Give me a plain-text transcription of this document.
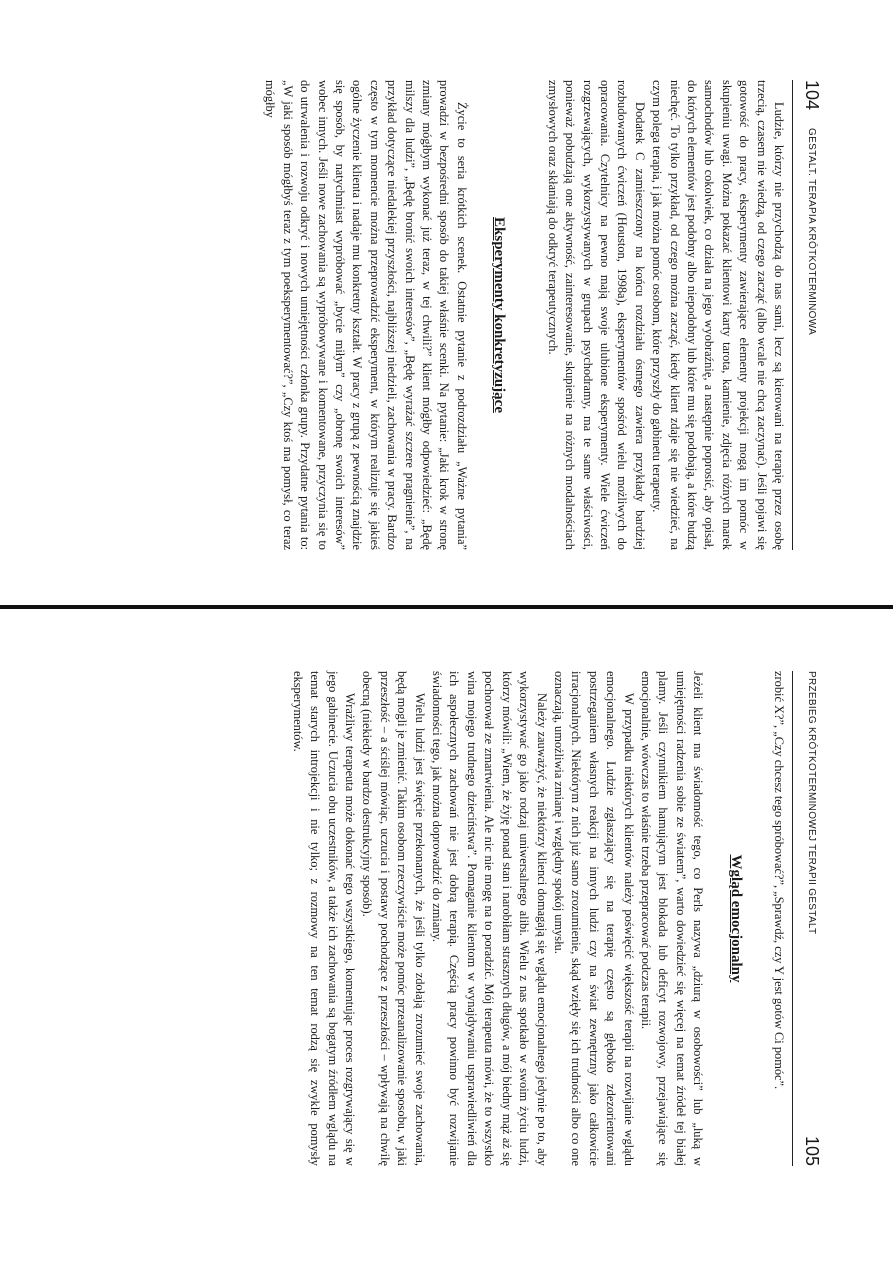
104
GESTALT. TERAPIA KRÓTKOTERMINOWA

Ludzie, którzy nie przychodzą do nas sami, lecz są kierowani na terapię przez osobę trzecią, czasem nie wiedzą, od czego zacząć (albo wcale nie chcą zaczynać). Jeśli pojawi się gotowość do pracy, eksperymenty zawierające elementy projekcji mogą im pomóc w skupieniu uwagi. Można pokazać klientowi karty tarota, kamienie, zdjęcia różnych marek samochodów lub cokolwiek, co działa na jego wyobraźnię, a następnie poprosić, aby opisał, do których elementów jest podobny albo niepodobny lub które mu się podobają, a które budzą niechęć. To tylko przykład, od czego można zacząć, kiedy klient zdaje się nie wiedzieć, na czym polega terapia, i jak można pomóc osobom, które przyszły do gabinetu terapeuty.

Dodatek C zamieszczony na końcu rozdziału ósmego zawiera przykłady bardziej rozbudowanych ćwiczeń (Houston, 1998a), eksperymentów spośród wielu możliwych do opracowania. Czytelnicy na pewno mają swoje ulubione eksperymenty. Wiele ćwiczeń rozgrzewających, wykorzystywanych w grupach psychodramy, ma te same właściwości, ponieważ pobudzają one aktywność, zainteresowanie, skupienie na różnych modalnościach zmysłowych oraz skłaniają do odkryć terapeutycznych.

Eksperymenty konkretyzujące

Życie to seria krótkich scenek. Ostatnie pytanie z podrozdziału „Ważne pytania” prowadzi w bezpośredni sposób do takiej właśnie scenki. Na pytanie: „Jaki krok w stronę zmiany mógłbym wykonać już teraz, w tej chwili?” klient mógłby odpowiedzieć: „Będę milszy dla ludzi”, „Będę bronić swoich interesów”, „Będę wyrażać szczere pragnienie”, na przykład dotyczące niedalekiej przyszłości, najbliższej niedzieli, zachowania w pracy. Bardzo często w tym momencie można przeprowadzić eksperyment, w którym realizuje się jakieś ogólne życzenie klienta i nadaje mu konkretny kształt. W pracy z grupą z pewnością znajdzie się sposób, by natychmiast wypróbować „bycie miłym” czy „obronę swoich interesów” wobec innych. Jeśli nowe zachowania są wypróbowywane i komentowane, przyczynia się to do utrwalenia i rozwoju odkryć i nowych umiejętności członka grupy. Przydatne pytania to: „W jaki sposób mógłbyś teraz z tym poeksperymentować?”, „Czy ktoś ma pomysł, co teraz mógłby

PRZEBIEG KRÓTKOTERMINOWEJ TERAPII GESTALT
105

zrobić X?”, „Czy chcesz tego spróbować?”, „Sprawdź, czy Y jest gotów Ci pomóc”.

Wgląd emocjonalny

Jeżeli klient ma świadomość tego, co Perls nazywa „dziurą w osobowości” lub „luką w umiejętności radzenia sobie ze światem”, warto dowiedzieć się więcej na temat źródeł tej białej plamy. Jeśli czynnikiem hamującym jest blokada lub deficyt rozwojowy, przejawiające się emocjonalnie, wówczas to właśnie trzeba przepracować podczas terapii.

W przypadku niektórych klientów należy poświęcić większość terapii na rozwijanie wglądu emocjonalnego. Ludzie zgłaszający się na terapię często są głęboko zdezorientowani postrzeganiem własnych reakcji na innych ludzi czy na świat zewnętrzny jako całkowicie irracjonalnych. Niektórym z nich już samo zrozumienie, skąd wzięły się ich trudności albo co one oznaczają, umożliwia zmianę i względny spokój umysłu.

Należy zauważyć, że niektórzy klienci domagają się wglądu emocjonalnego jedynie po to, aby wykorzystywać go jako rodzaj uniwersalnego alibi. Wielu z nas spotkało w swoim życiu ludzi, którzy mówili: „Wiem, że żyję ponad stan i narobiłam strasznych długów, a mój biedny mąż aż się pochorował ze zmartwienia. Ale nic nie mogę na to poradzić. Mój terapeuta mówi, że to wszystko wina mojego trudnego dzieciństwa”. Pomaganie klientom w wynajdywaniu usprawiedliwień dla ich aspołecznych zachowań nie jest dobrą terapią. Częścią pracy powinno być rozwijanie świadomości tego, jak można doprowadzić do zmiany.

Wielu ludzi jest święcie przekonanych, że jeśli tylko zdołają zrozumieć swoje zachowania, będą mogli je zmienić. Takim osobom rzeczywiście może pomóc przeanalizowanie sposobu, w jaki przeszłość – a ściślej mówiąc, uczucia i postawy pochodzące z przeszłości – wpływają na chwilę obecną (niekiedy w bardzo destrukcyjny sposób).

Wrażliwy terapeuta może dokonać tego wszystkiego, komentując proces rozgrywający się w jego gabinecie. Uczucia obu uczestników, a także ich zachowania są bogatym źródłem wglądu na temat starych introjekcji i nie tylko; z rozmowy na ten temat rodzą się zwykle pomysły eksperymentów.
